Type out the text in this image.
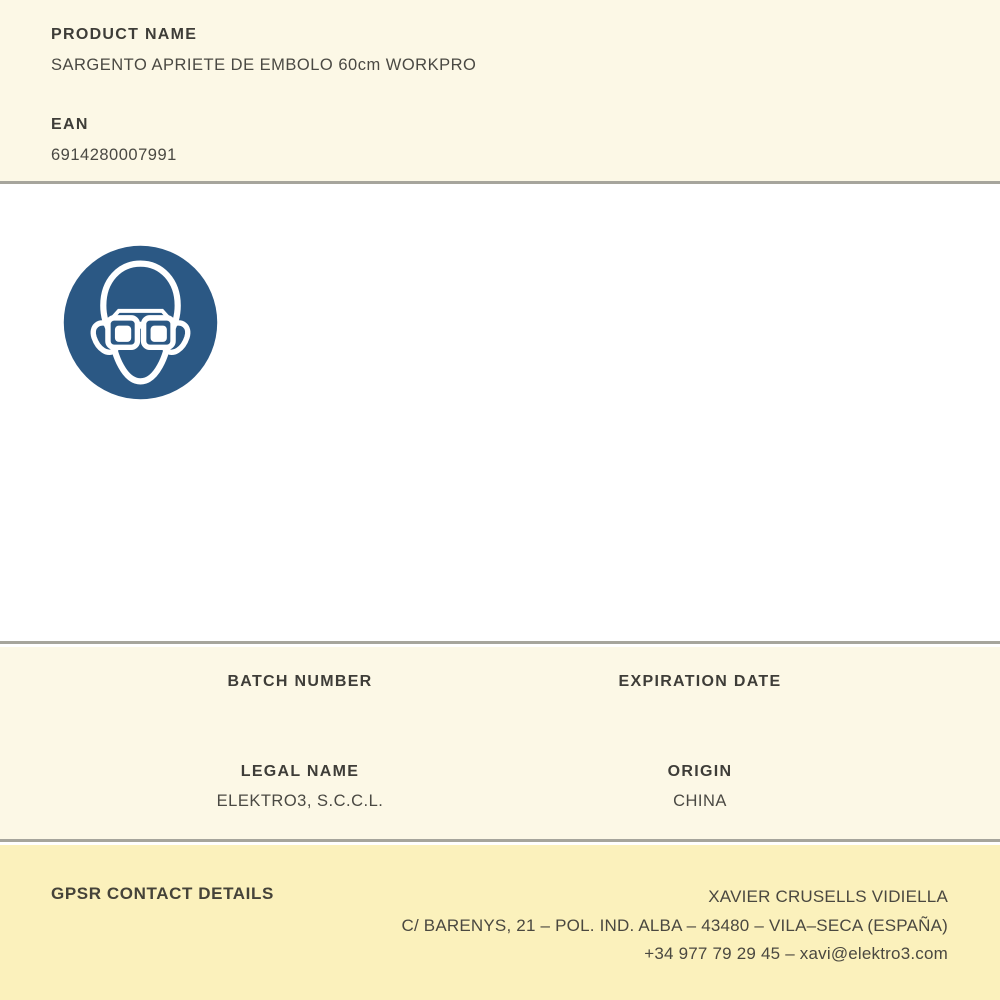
PRODUCT NAME
SARGENTO APRIETE DE EMBOLO 60cm WORKPRO
EAN
6914280007991
BATCH NUMBER	EXPIRATION DATE
LEGAL NAME
ELEKTRO3, S.C.C.L.
ORIGIN
CHINA
GPSR CONTACT DETAILS	XAVIER CRUSELLS VIDIELLA
C/ BARENYS, 21 – POL. IND. ALBA – 43480 – VILA–SECA (ESPAÑA)
+34 977 79 29 45 – xavi@elektro3.com
